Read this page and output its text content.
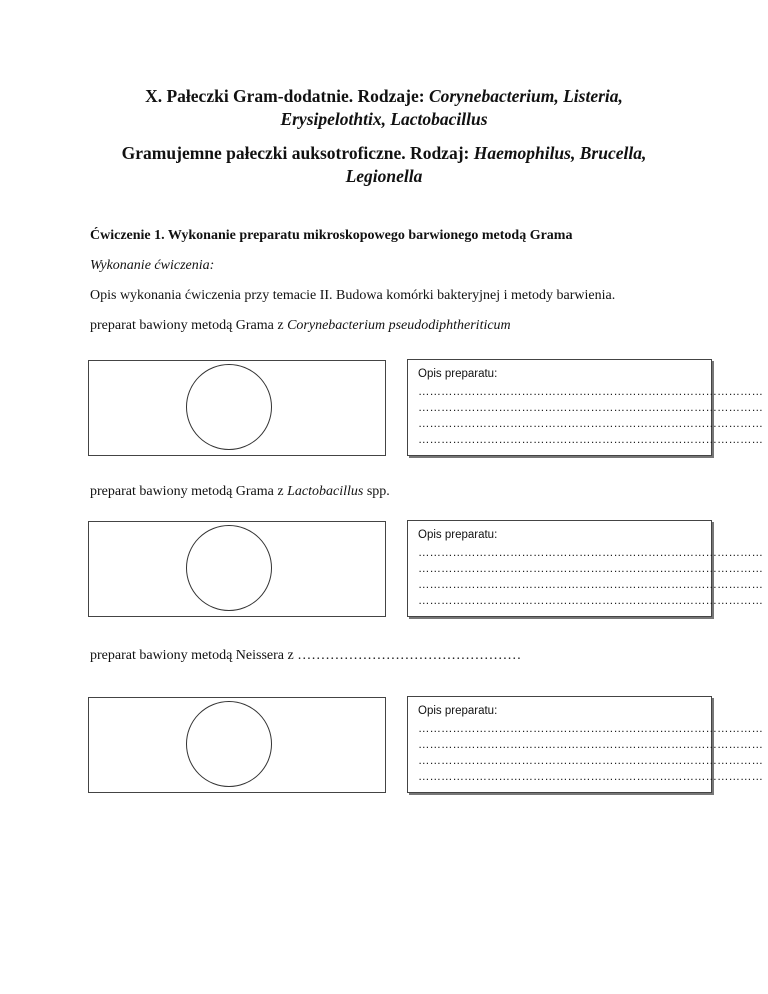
X. Pałeczki Gram-dodatnie. Rodzaje: Corynebacterium, Listeria,
Erysipelothtix, Lactobacillus
Gramujemne pałeczki auksotroficzne. Rodzaj: Haemophilus, Brucella,
Legionella

Ćwiczenie 1. Wykonanie preparatu mikroskopowego barwionego metodą Grama

Wykonanie ćwiczenia:

Opis wykonania ćwiczenia przy temacie II. Budowa komórki bakteryjnej i metody barwienia.

preparat bawiony metodą Grama z Corynebacterium pseudodiphtheriticum

Opis preparatu:
………………………………………………………………………………
………………………………………………………………………………
………………………………………………………………………………
………………………………………………………………………………

preparat bawiony metodą Grama z Lactobacillus spp.

Opis preparatu:
………………………………………………………………………………
………………………………………………………………………………
………………………………………………………………………………
………………………………………………………………………………

preparat bawiony metodą Neissera z …………………………………………

Opis preparatu:
………………………………………………………………………………
………………………………………………………………………………
………………………………………………………………………………
………………………………………………………………………………
